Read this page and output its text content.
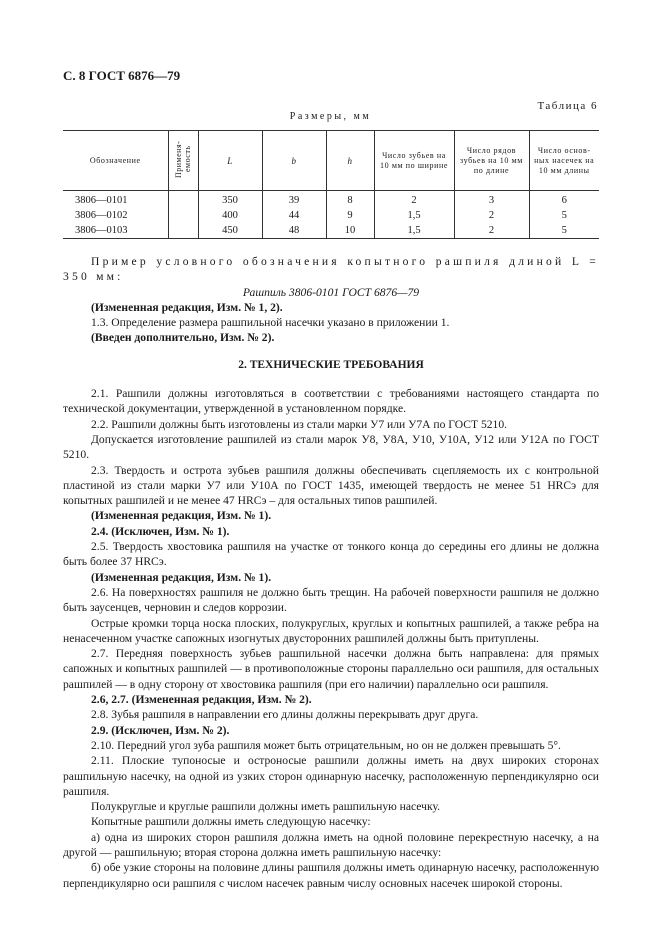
С. 8 ГОСТ 6876—79
Таблица 6
Размеры, мм
Обозначение	Применя-емость	L	b	h	Число зубьев на 10 мм по ширине	Число рядов зубьев на 10 мм по длине	Число основ-ных насечек на 10 мм длины
3806—0101		350	39	8	2	3	6
3806—0102		400	44	9	1,5	2	5
3806—0103		450	48	10	1,5	2	5

Пример условного обозначения копытного рашпиля длиной L = 350 мм:

Рашпиль 3806-0101 ГОСТ 6876—79

(Измененная редакция, Изм. № 1, 2).

1.3. Определение размера рашпильной насечки указано в приложении 1.

(Введен дополнительно, Изм. № 2).

2. ТЕХНИЧЕСКИЕ ТРЕБОВАНИЯ

2.1. Рашпили должны изготовляться в соответствии с требованиями настоящего стандарта по технической документации, утвержденной в установленном порядке.

2.2. Рашпили должны быть изготовлены из стали марки У7 или У7А по ГОСТ 5210.

Допускается изготовление рашпилей из стали марок У8, У8А, У10, У10А, У12 или У12А по ГОСТ 5210.

2.3. Твердость и острота зубьев рашпиля должны обеспечивать сцепляемость их с контрольной пластиной из стали марки У7 или У10А по ГОСТ 1435, имеющей твердость не менее 51 HRCэ для копытных рашпилей и не менее 47 HRCэ – для остальных типов рашпилей.

(Измененная редакция, Изм. № 1).

2.4. (Исключен, Изм. № 1).

2.5. Твердость хвостовика рашпиля на участке от тонкого конца до середины его длины не должна быть более 37 HRCэ.

(Измененная редакция, Изм. № 1).

2.6. На поверхностях рашпиля не должно быть трещин. На рабочей поверхности рашпиля не должно быть заусенцев, черновин и следов коррозии.

Острые кромки торца носка плоских, полукруглых, круглых и копытных рашпилей, а также ребра на ненасеченном участке сапожных изогнутых двусторонних рашпилей должны быть притуплены.

2.7. Передняя поверхность зубьев рашпильной насечки должна быть направлена: для прямых сапожных и копытных рашпилей — в противоположные стороны параллельно оси рашпиля, для остальных рашпилей — в одну сторону от хвостовика рашпиля (при его наличии) параллельно оси рашпиля.

2.6, 2.7. (Измененная редакция, Изм. № 2).

2.8. Зубья рашпиля в направлении его длины должны перекрывать друг друга.

2.9. (Исключен, Изм. № 2).

2.10. Передний угол зуба рашпиля может быть отрицательным, но он не должен превышать 5°.

2.11. Плоские тупоносые и остроносые рашпили должны иметь на двух широких сторонах рашпильную насечку, на одной из узких сторон одинарную насечку, расположенную перпендикулярно оси рашпиля.

Полукруглые и круглые рашпили должны иметь рашпильную насечку.

Копытные рашпили должны иметь следующую насечку:

а) одна из широких сторон рашпиля должна иметь на одной половине перекрестную насечку, а на другой — рашпильную; вторая сторона должна иметь рашпильную насечку:

б) обе узкие стороны на половине длины рашпиля должны иметь одинарную насечку, расположенную перпендикулярно оси рашпиля с числом насечек равным числу основных насечек широкой стороны.
